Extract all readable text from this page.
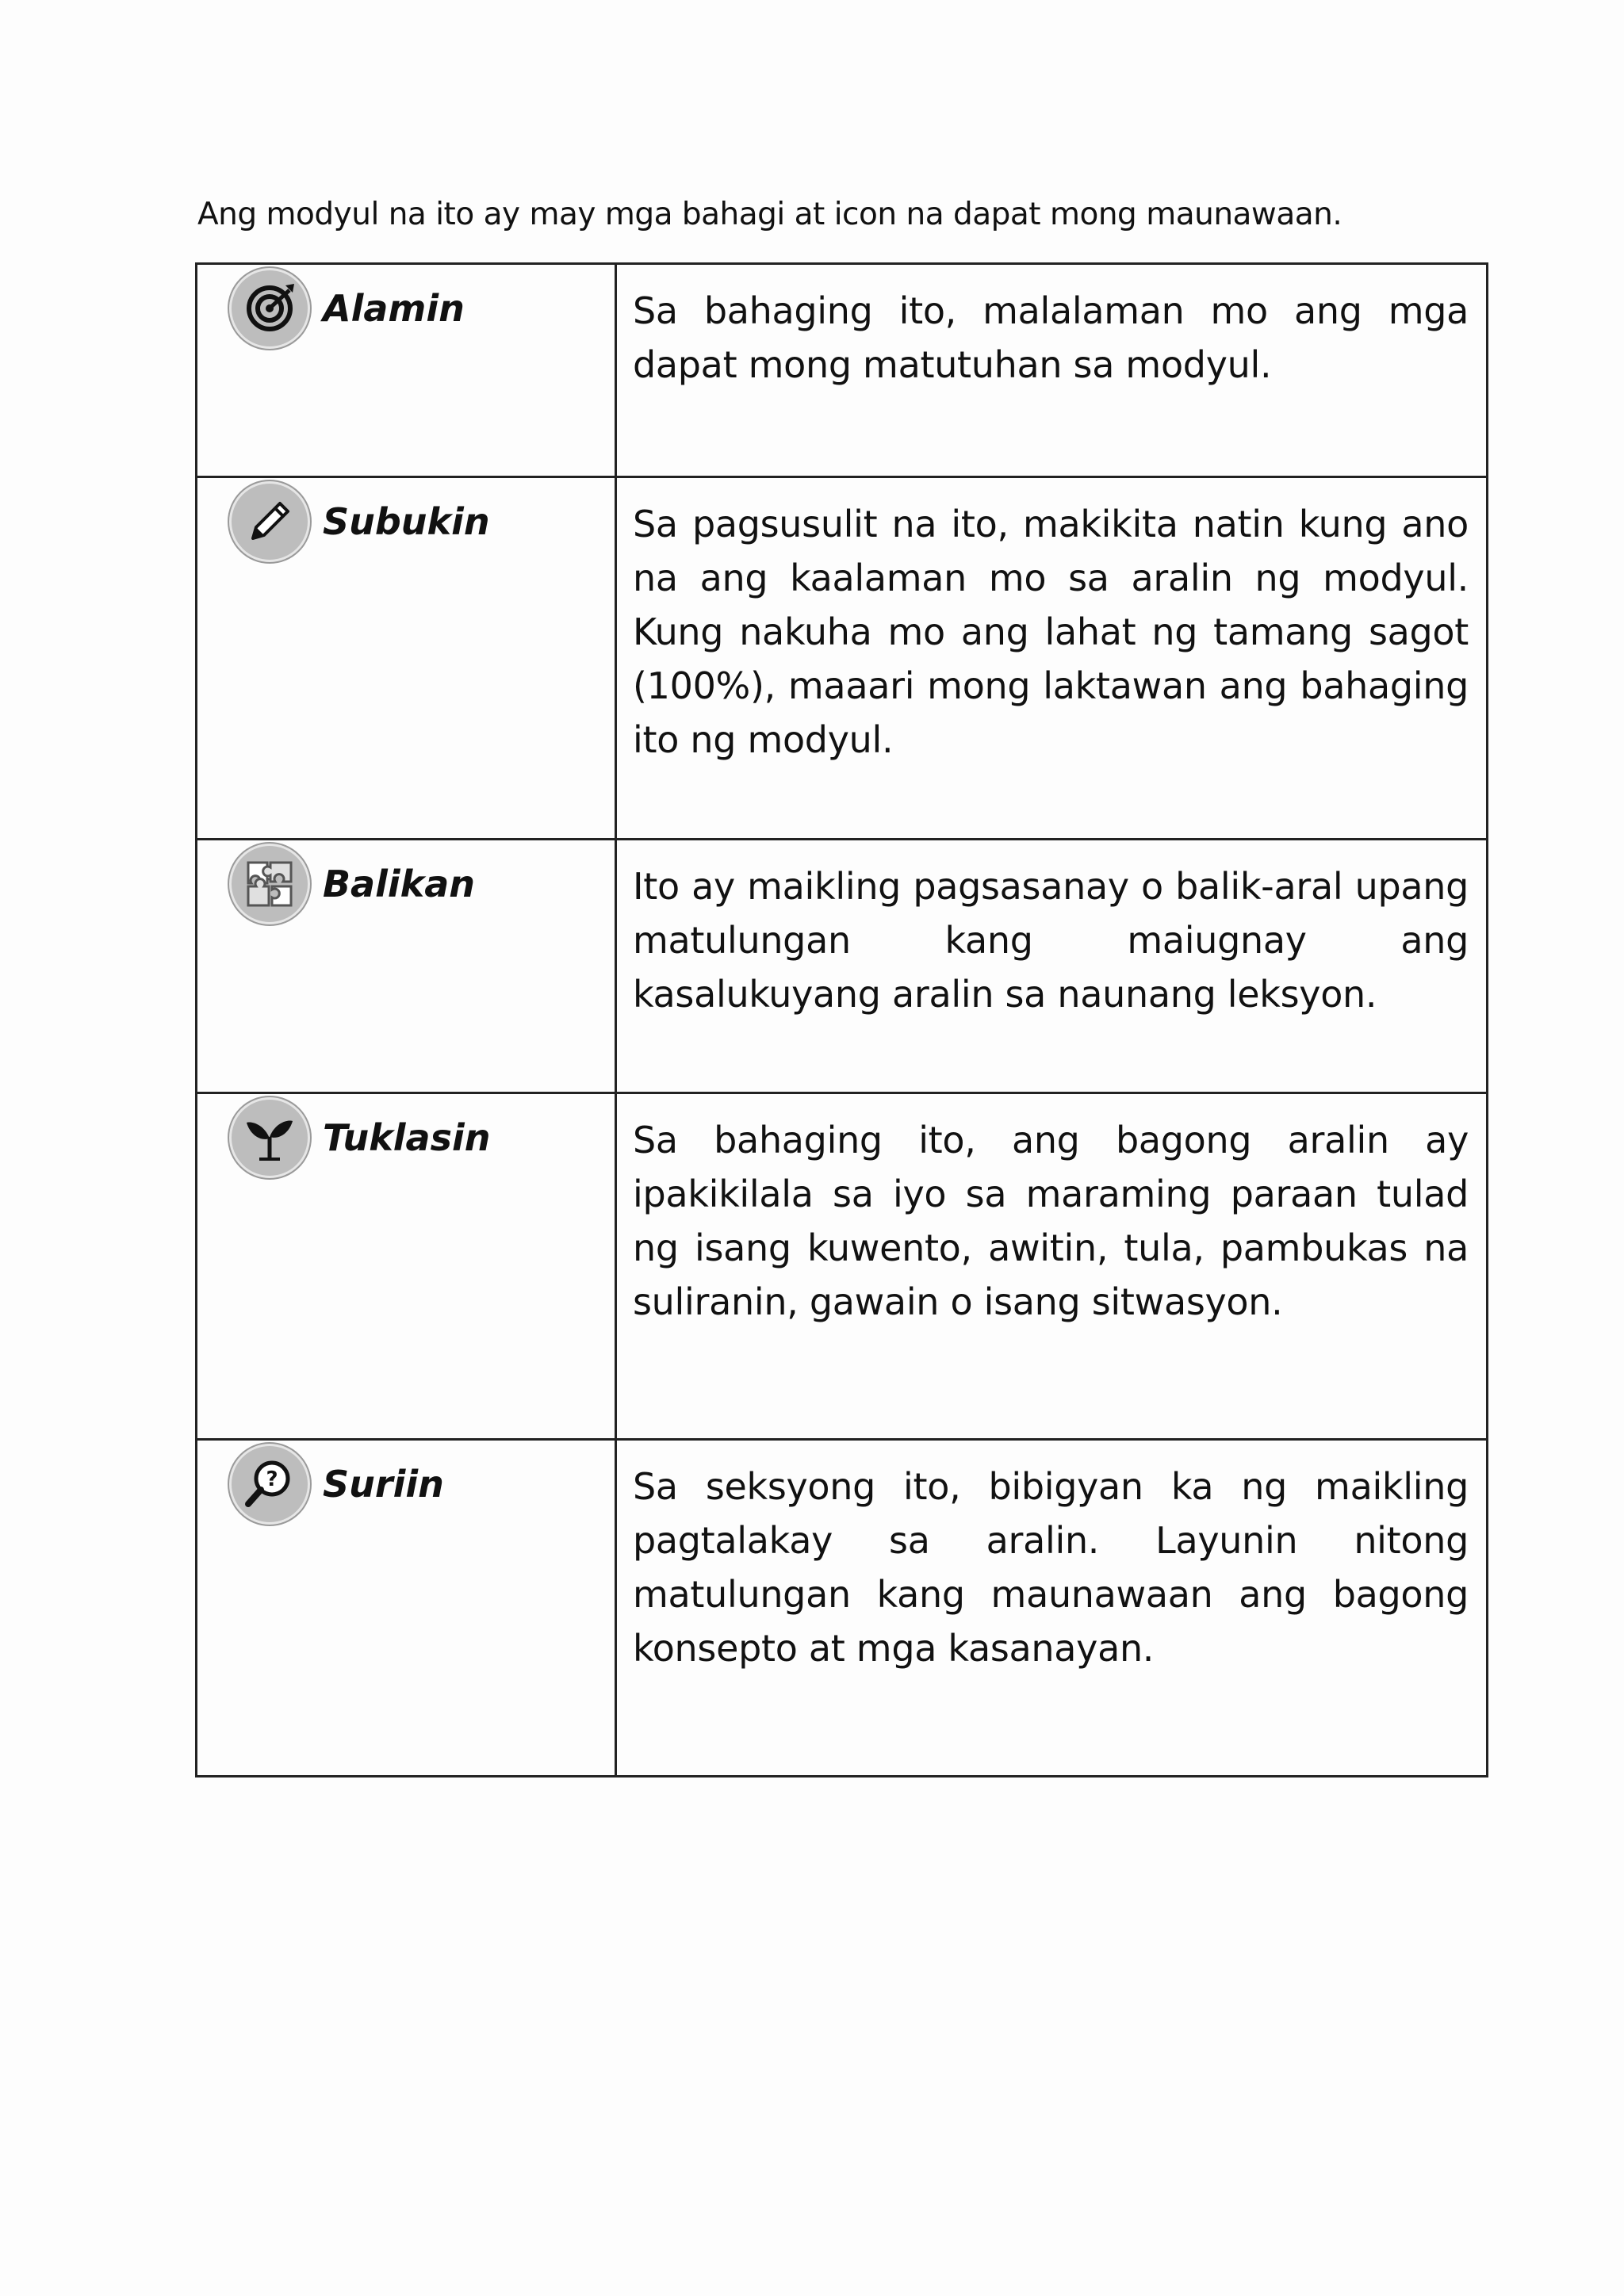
Ang modyul na ito ay may mga bahagi at icon na dapat mong maunawaan.
Alamin	Sa bahaging ito, malalaman mo ang mga dapat mong matutuhan sa modyul.

Subukin	Sa pagsusulit na ito, makikita natin kung ano na ang kaalaman mo sa aralin ng modyul. Kung nakuha mo ang lahat ng tamang sagot (100%), maaari mong laktawan ang bahaging ito ng modyul.

Balikan	Ito ay maikling pagsasanay o balik-aral upang matulungan kang maiugnay ang kasalukuyang aralin sa naunang leksyon.

Tuklasin	Sa bahaging ito, ang bagong aralin ay ipakikilala sa iyo sa maraming paraan tulad ng isang kuwento, awitin, tula, pambukas na suliranin, gawain o isang sitwasyon.

? Suriin	Sa seksyong ito, bibigyan ka ng maikling pagtalakay sa aralin. Layunin nitong matulungan kang maunawaan ang bagong konsepto at mga kasanayan.
